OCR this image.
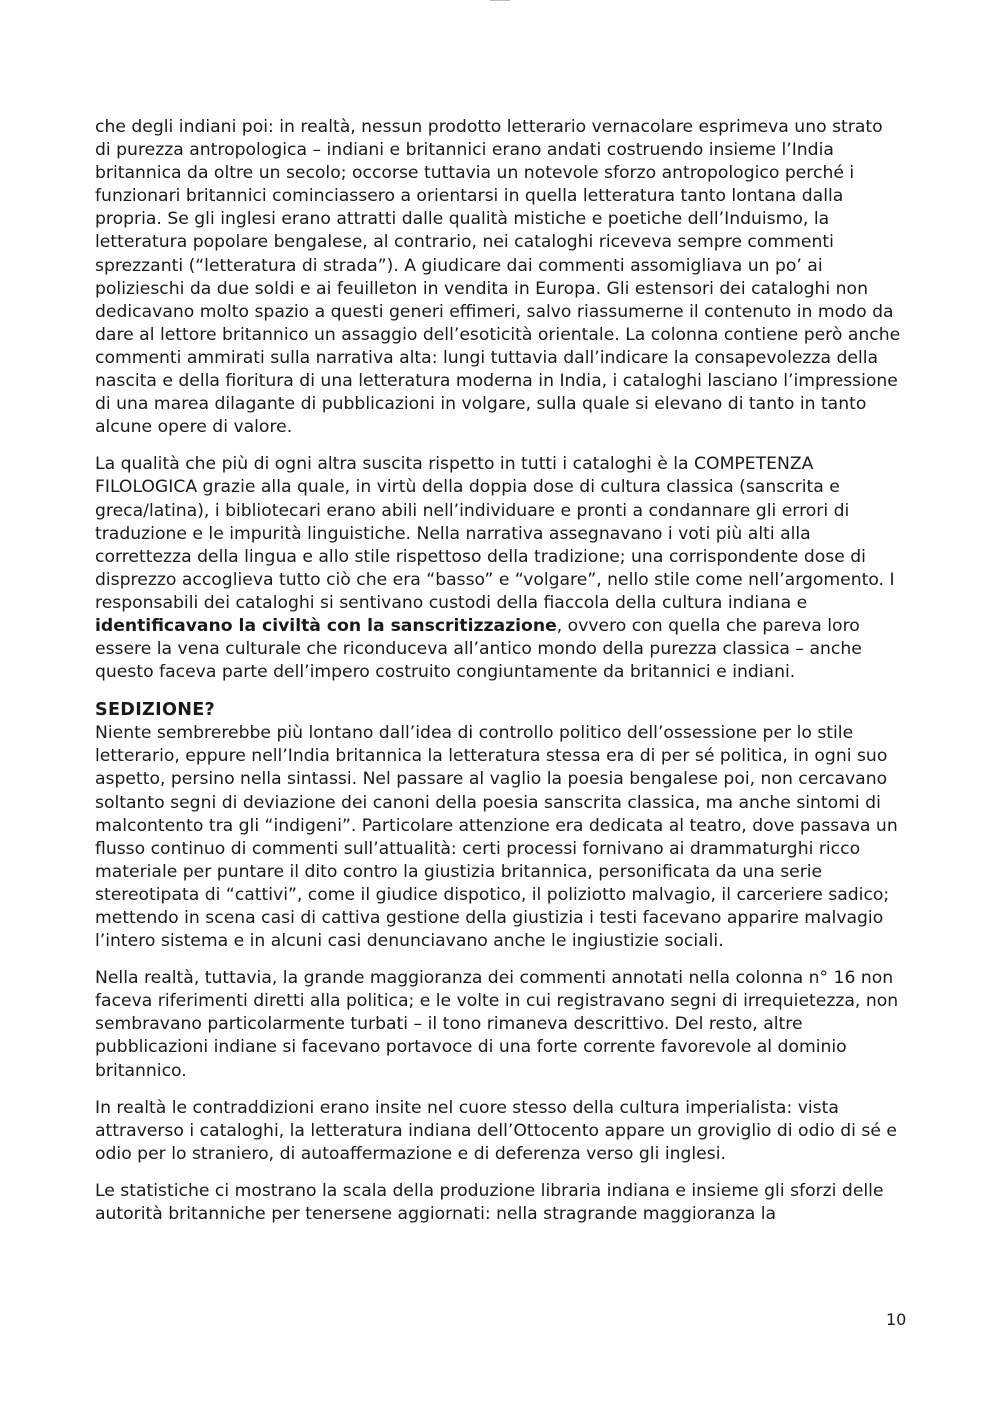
che degli indiani poi: in realtà, nessun prodotto letterario vernacolare esprimeva uno strato di purezza antropologica – indiani e britannici erano andati costruendo insieme l’India britannica da oltre un secolo; occorse tuttavia un notevole sforzo antropologico perché i funzionari britannici cominciassero a orientarsi in quella letteratura tanto lontana dalla propria. Se gli inglesi erano attratti dalle qualità mistiche e poetiche dell’Induismo, la letteratura popolare bengalese, al contrario, nei cataloghi riceveva sempre commenti sprezzanti (“letteratura di strada”). A giudicare dai commenti assomigliava un po’ ai polizieschi da due soldi e ai feuilleton in vendita in Europa. Gli estensori dei cataloghi non dedicavano molto spazio a questi generi effimeri, salvo riassumerne il contenuto in modo da dare al lettore britannico un assaggio dell’esoticità orientale. La colonna contiene però anche commenti ammirati sulla narrativa alta: lungi tuttavia dall’indicare la consapevolezza della nascita e della fioritura di una letteratura moderna in India, i cataloghi lasciano l’impressione di una marea dilagante di pubblicazioni in volgare, sulla quale si elevano di tanto in tanto alcune opere di valore.

La qualità che più di ogni altra suscita rispetto in tutti i cataloghi è la COMPETENZA FILOLOGICA grazie alla quale, in virtù della doppia dose di cultura classica (sanscrita e greca/latina), i bibliotecari erano abili nell’individuare e pronti a condannare gli errori di traduzione e le impurità linguistiche. Nella narrativa assegnavano i voti più alti alla correttezza della lingua e allo stile rispettoso della tradizione; una corrispondente dose di disprezzo accoglieva tutto ciò che era “basso” e “volgare”, nello stile come nell’argomento. I responsabili dei cataloghi si sentivano custodi della fiaccola della cultura indiana e identificavano la civiltà con la sanscritizzazione, ovvero con quella che pareva loro essere la vena culturale che riconduceva all’antico mondo della purezza classica – anche questo faceva parte dell’impero costruito congiuntamente da britannici e indiani.

SEDIZIONE?

Niente sembrerebbe più lontano dall’idea di controllo politico dell’ossessione per lo stile letterario, eppure nell’India britannica la letteratura stessa era di per sé politica, in ogni suo aspetto, persino nella sintassi. Nel passare al vaglio la poesia bengalese poi, non cercavano soltanto segni di deviazione dei canoni della poesia sanscrita classica, ma anche sintomi di malcontento tra gli “indigeni”. Particolare attenzione era dedicata al teatro, dove passava un flusso continuo di commenti sull’attualità: certi processi fornivano ai drammaturghi ricco materiale per puntare il dito contro la giustizia britannica, personificata da una serie stereotipata di “cattivi”, come il giudice dispotico, il poliziotto malvagio, il carceriere sadico; mettendo in scena casi di cattiva gestione della giustizia i testi facevano apparire malvagio l’intero sistema e in alcuni casi denunciavano anche le ingiustizie sociali.

Nella realtà, tuttavia, la grande maggioranza dei commenti annotati nella colonna n° 16 non faceva riferimenti diretti alla politica; e le volte in cui registravano segni di irrequietezza, non sembravano particolarmente turbati – il tono rimaneva descrittivo. Del resto, altre pubblicazioni indiane si facevano portavoce di una forte corrente favorevole al dominio britannico.

In realtà le contraddizioni erano insite nel cuore stesso della cultura imperialista: vista attraverso i cataloghi, la letteratura indiana dell’Ottocento appare un groviglio di odio di sé e odio per lo straniero, di autoaffermazione e di deferenza verso gli inglesi.

Le statistiche ci mostrano la scala della produzione libraria indiana e insieme gli sforzi delle autorità britanniche per tenersene aggiornati: nella stragrande maggioranza la

10
